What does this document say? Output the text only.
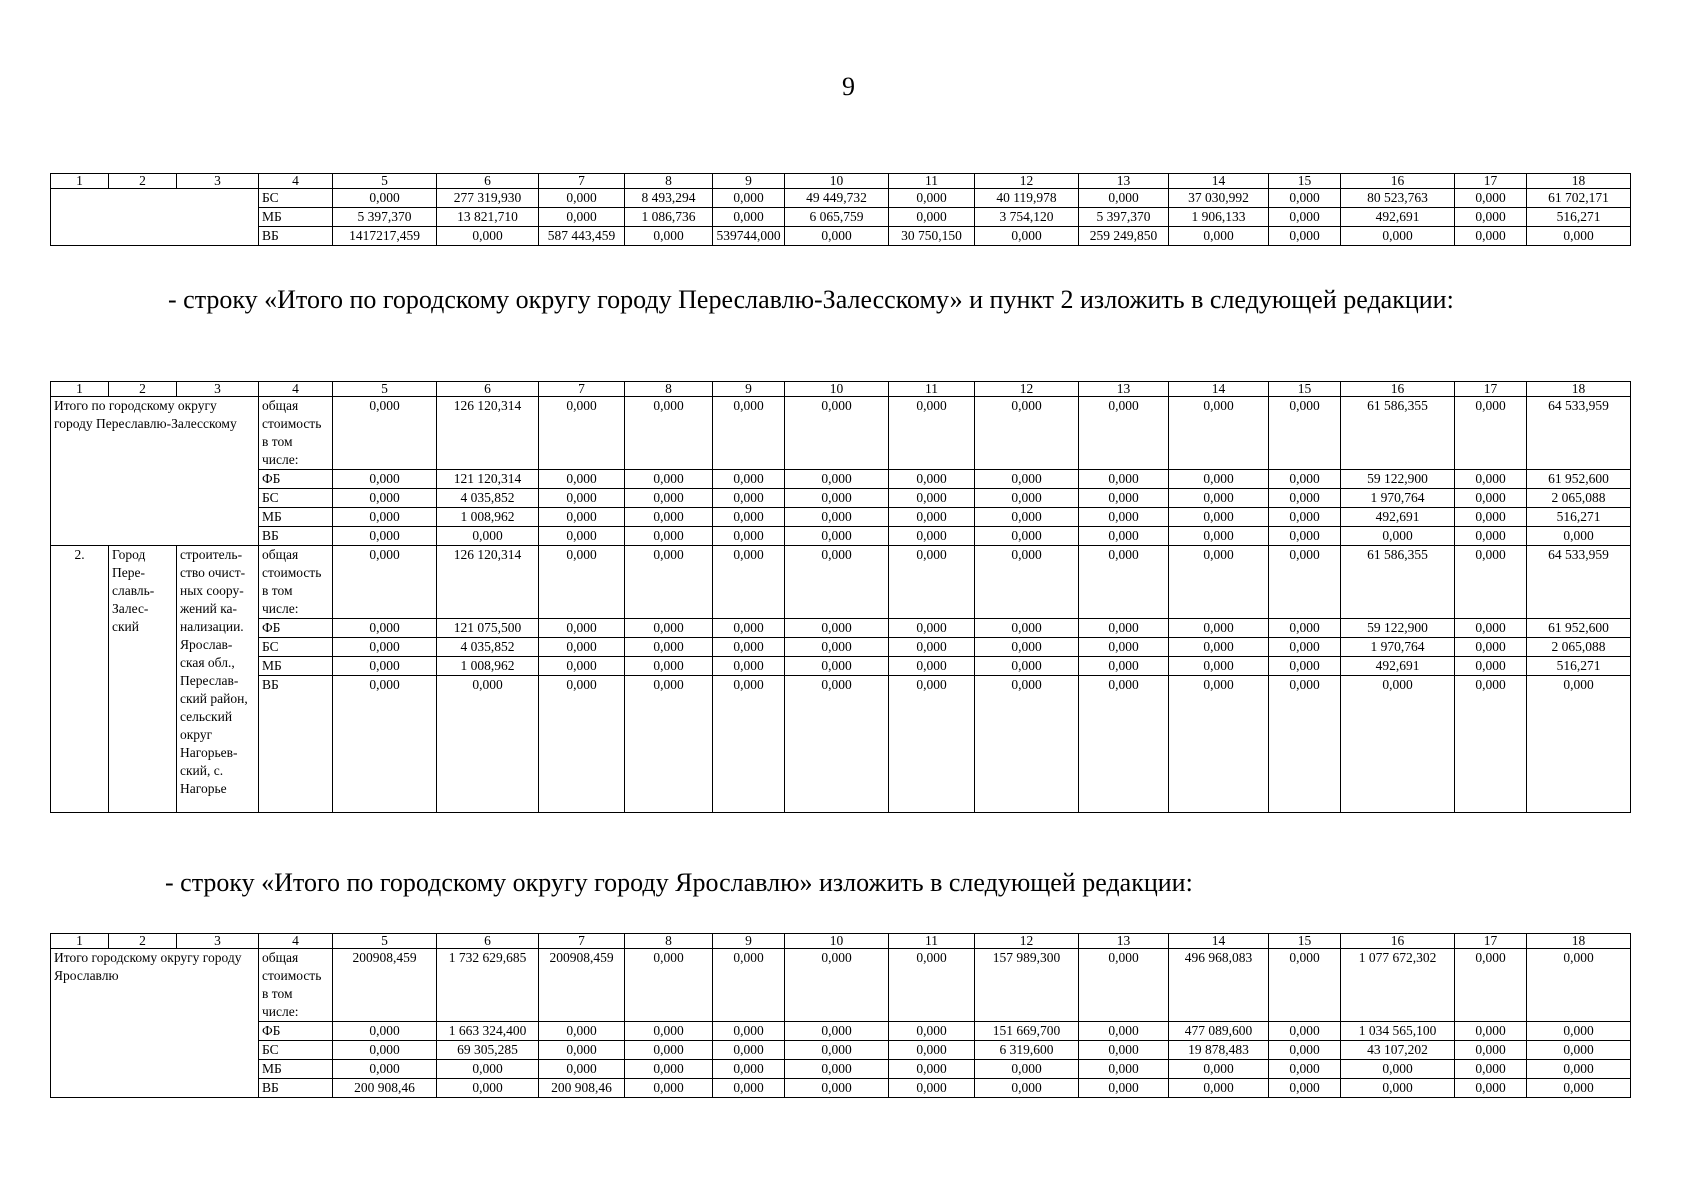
9
1	2	3	4	5	6	7	8	9	10	11	12	13	14	15	16	17	18
			БС	0,000	277 319,930	0,000	8 493,294	0,000	49 449,732	0,000	40 119,978	0,000	37 030,992	0,000	80 523,763	0,000	61 702,171
			МБ	5 397,370	13 821,710	0,000	1 086,736	0,000	6 065,759	0,000	3 754,120	5 397,370	1 906,133	0,000	492,691	0,000	516,271
			ВБ	1417217,459	0,000	587 443,459	0,000	539744,000	0,000	30 750,150	0,000	259 249,850	0,000	0,000	0,000	0,000	0,000
- строку «Итого по городскому округу городу Переславлю-Залесскому» и пункт 2 изложить в следующей редакции:
1	2	3	4	5	6	7	8	9	10	11	12	13	14	15	16	17	18
Итого по городскому округу городу Переславлю-Залесскому			общая стоимость в том числе:	0,000	126 120,314	0,000	0,000	0,000	0,000	0,000	0,000	0,000	0,000	0,000	61 586,355	0,000	64 533,959
			ФБ	0,000	121 120,314	0,000	0,000	0,000	0,000	0,000	0,000	0,000	0,000	0,000	59 122,900	0,000	61 952,600
			БС	0,000	4 035,852	0,000	0,000	0,000	0,000	0,000	0,000	0,000	0,000	0,000	1 970,764	0,000	2 065,088
			МБ	0,000	1 008,962	0,000	0,000	0,000	0,000	0,000	0,000	0,000	0,000	0,000	492,691	0,000	516,271
			ВБ	0,000	0,000	0,000	0,000	0,000	0,000	0,000	0,000	0,000	0,000	0,000	0,000	0,000	0,000
2.	Город Пере-славль-Залес-ский	строитель-ство очист-ных соору-жений ка-нализации. Ярослав-ская обл., Переслав-ский район, сельский округ Нагорьев-ский, с. Нагорье	общая стоимость в том числе:	0,000	126 120,314	0,000	0,000	0,000	0,000	0,000	0,000	0,000	0,000	0,000	61 586,355	0,000	64 533,959
			ФБ	0,000	121 075,500	0,000	0,000	0,000	0,000	0,000	0,000	0,000	0,000	0,000	59 122,900	0,000	61 952,600
			БС	0,000	4 035,852	0,000	0,000	0,000	0,000	0,000	0,000	0,000	0,000	0,000	1 970,764	0,000	2 065,088
			МБ	0,000	1 008,962	0,000	0,000	0,000	0,000	0,000	0,000	0,000	0,000	0,000	492,691	0,000	516,271
			ВБ	0,000	0,000	0,000	0,000	0,000	0,000	0,000	0,000	0,000	0,000	0,000	0,000	0,000	0,000
- строку «Итого по городскому округу городу Ярославлю» изложить в следующей редакции:
1	2	3	4	5	6	7	8	9	10	11	12	13	14	15	16	17	18
Итого городскому округу городу Ярославлю			общая стоимость в том числе:	200908,459	1 732 629,685	200908,459	0,000	0,000	0,000	0,000	157 989,300	0,000	496 968,083	0,000	1 077 672,302	0,000	0,000
			ФБ	0,000	1 663 324,400	0,000	0,000	0,000	0,000	0,000	151 669,700	0,000	477 089,600	0,000	1 034 565,100	0,000	0,000
			БС	0,000	69 305,285	0,000	0,000	0,000	0,000	0,000	6 319,600	0,000	19 878,483	0,000	43 107,202	0,000	0,000
			МБ	0,000	0,000	0,000	0,000	0,000	0,000	0,000	0,000	0,000	0,000	0,000	0,000	0,000	0,000
			ВБ	200 908,46	0,000	200 908,46	0,000	0,000	0,000	0,000	0,000	0,000	0,000	0,000	0,000	0,000	0,000
